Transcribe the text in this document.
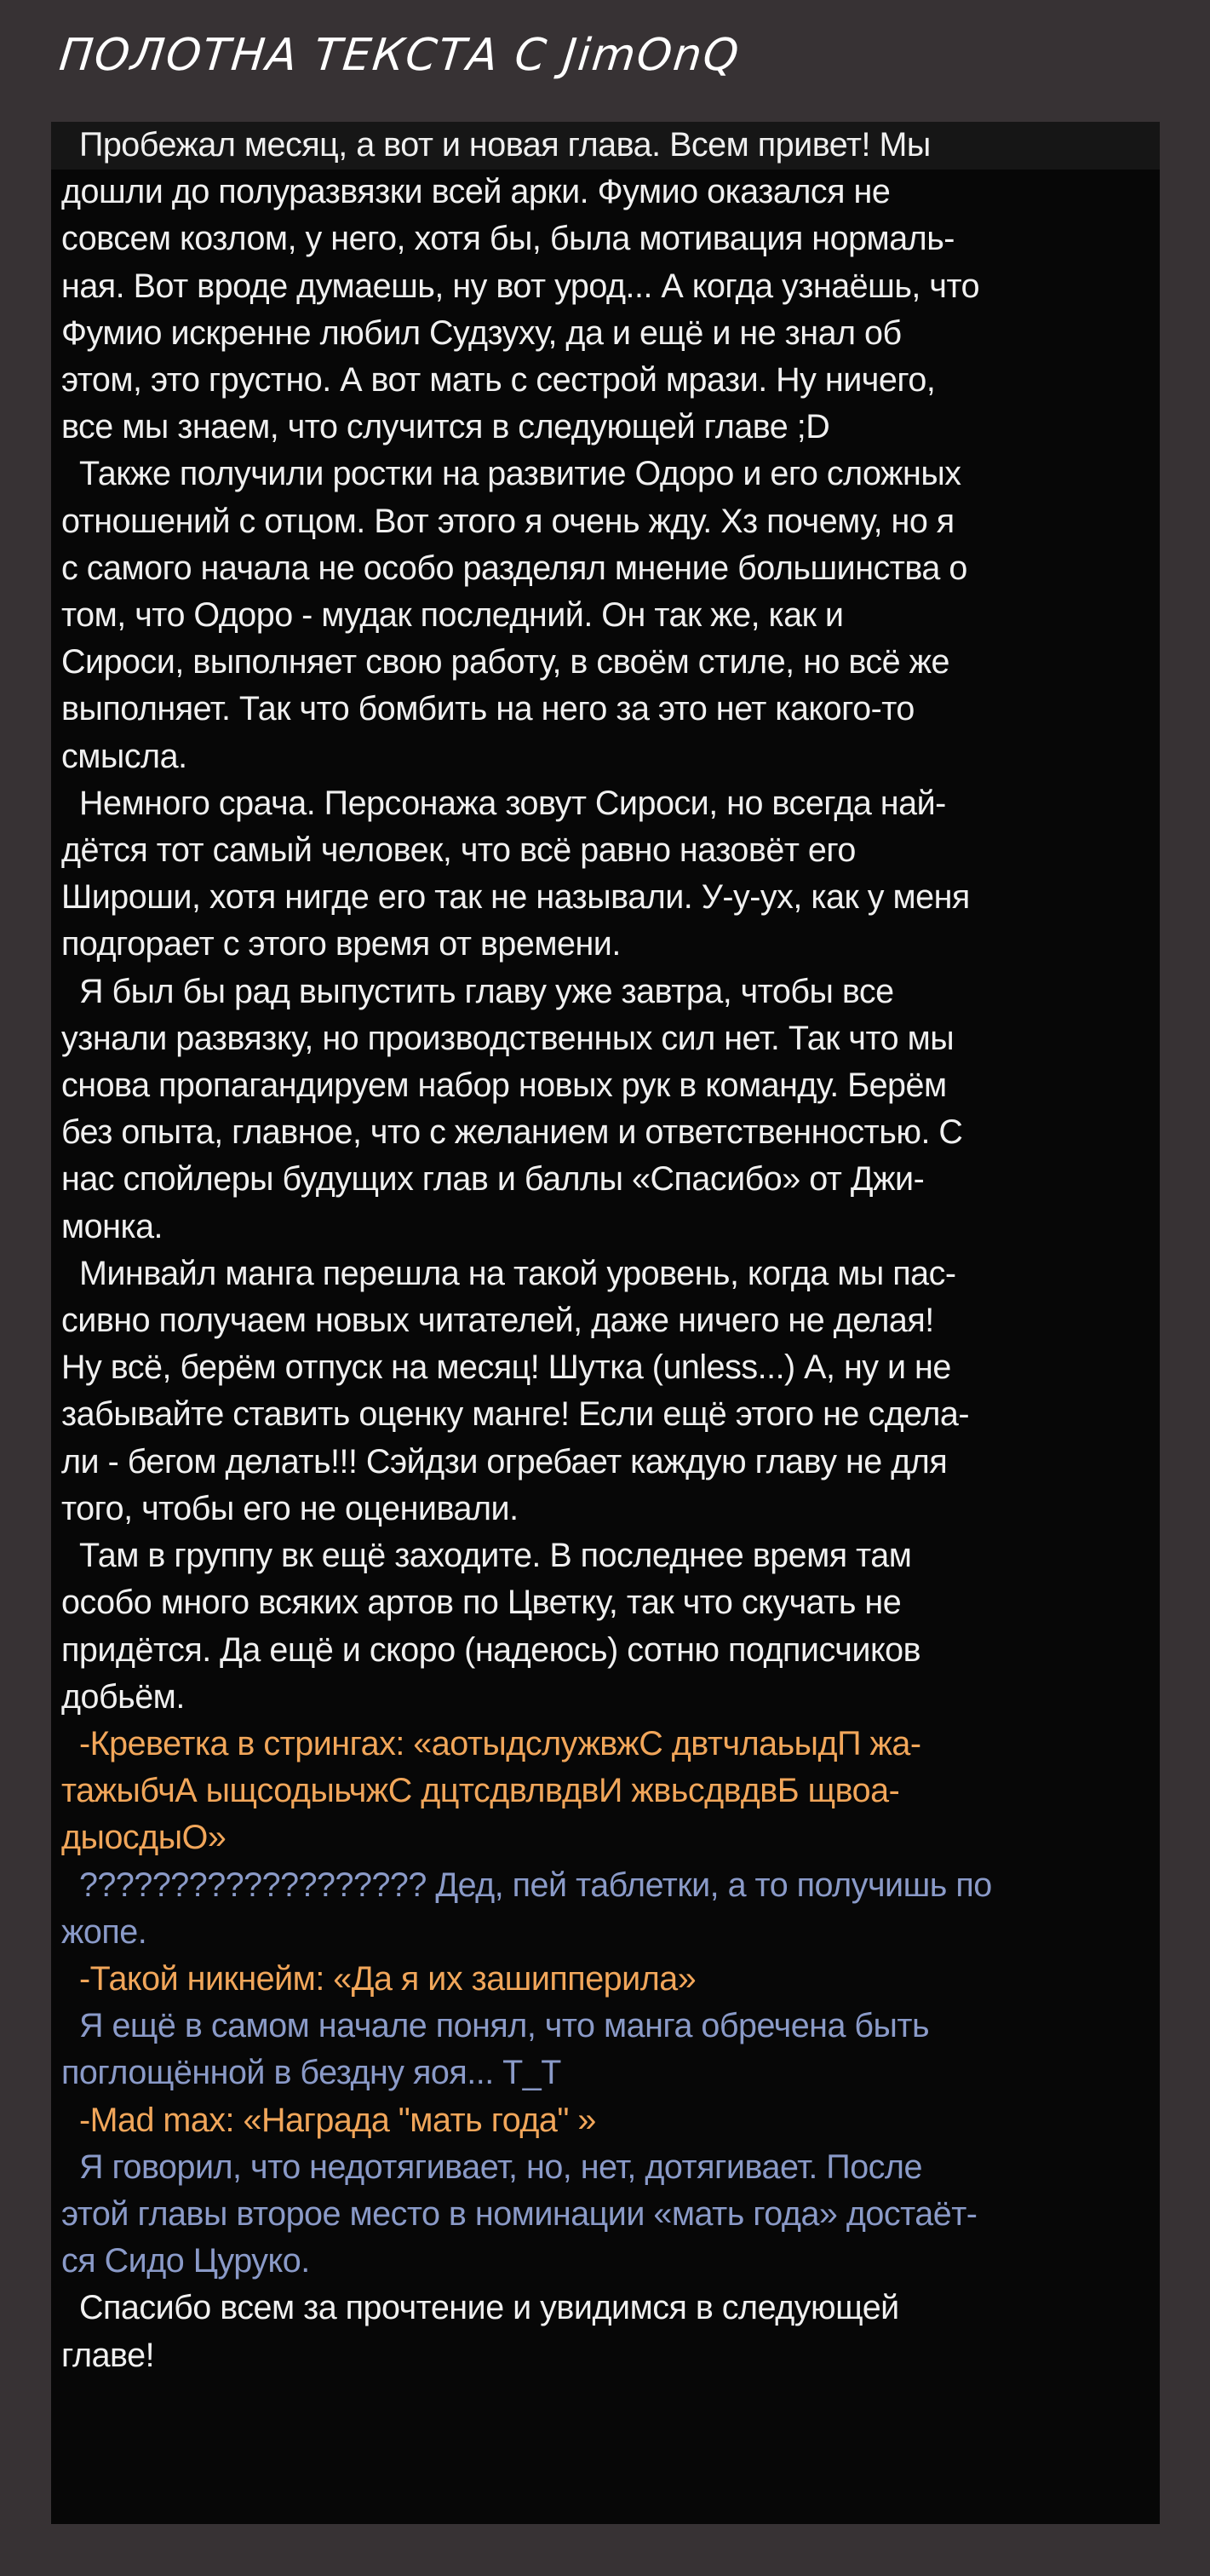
ПОЛОТНА ТЕКСТА С JimOnQ
Пробежал месяц, а вот и новая глава. Всем привет! Мы
дошли до полуразвязки всей арки. Фумио оказался не
совсем козлом, у него, хотя бы, была мотивация нормаль-
ная. Вот вроде думаешь, ну вот урод... А когда узнаёшь, что
Фумио искренне любил Судзуху, да и ещё и не знал об
этом, это грустно. А вот мать с сестрой мрази. Ну ничего,
все мы знаем, что случится в следующей главе ;D
Также получили ростки на развитие Одоро и его сложных
отношений с отцом. Вот этого я очень жду. Хз почему, но я
с самого начала не особо разделял мнение большинства о
том, что Одоро - мудак последний. Он так же, как и
Сироси, выполняет свою работу, в своём стиле, но всё же
выполняет. Так что бомбить на него за это нет какого-то
смысла.
Немного срача. Персонажа зовут Сироси, но всегда най-
дётся тот самый человек, что всё равно назовёт его
Широши, хотя нигде его так не называли. У-у-ух, как у меня
подгорает с этого время от времени.
Я был бы рад выпустить главу уже завтра, чтобы все
узнали развязку, но производственных сил нет. Так что мы
снова пропагандируем набор новых рук в команду. Берём
без опыта, главное, что с желанием и ответственностью. С
нас спойлеры будущих глав и баллы «Спасибо» от Джи-
монка.
Минвайл манга перешла на такой уровень, когда мы пас-
сивно получаем новых читателей, даже ничего не делая!
Ну всё, берём отпуск на месяц! Шутка (unless...) А, ну и не
забывайте ставить оценку манге! Если ещё этого не сдела-
ли - бегом делать!!! Сэйдзи огребает каждую главу не для
того, чтобы его не оценивали.
Там в группу вк ещё заходите. В последнее время там
особо много всяких артов по Цветку, так что скучать не
придётся. Да ещё и скоро (надеюсь) сотню подписчиков
добьём.
-Креветка в стрингах: «аотыдслужвжС двтчлаьыдП жа-
тажыбчА ыщсодыьчжС дцтсдвлвдвИ жвьсдвдвБ щвоа-
дыосдыО»
??????????????????? Дед, пей таблетки, а то получишь по
жопе.
-Такой никнейм: «Да я их зашипперила»
Я ещё в самом начале понял, что манга обречена быть
поглощённой в бездну яоя... T_T
-Mad max: «Награда "мать года" »
Я говорил, что недотягивает, но, нет, дотягивает. После
этой главы второе место в номинации «мать года» достаёт-
ся Сидо Цуруко.
Спасибо всем за прочтение и увидимся в следующей
главе!
